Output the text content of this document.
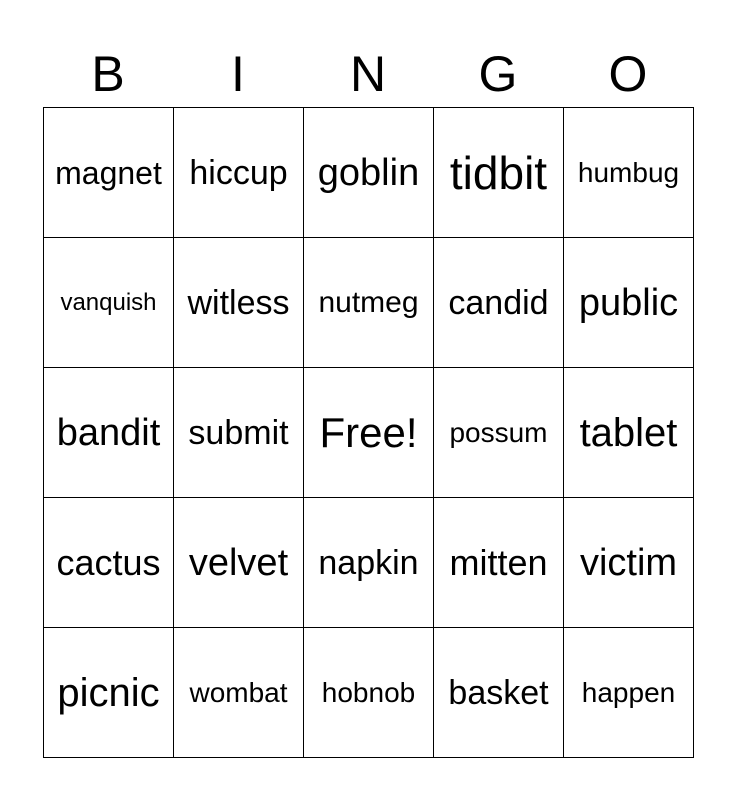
B	I	N	G	O
magnet hiccup goblin tidbit	humbug
vanquish witless nutmeg candid public
bandit submit Free!	possum tablet
cactus velvet napkin mitten victim
picnic	wombat	hobnob basket	happen
